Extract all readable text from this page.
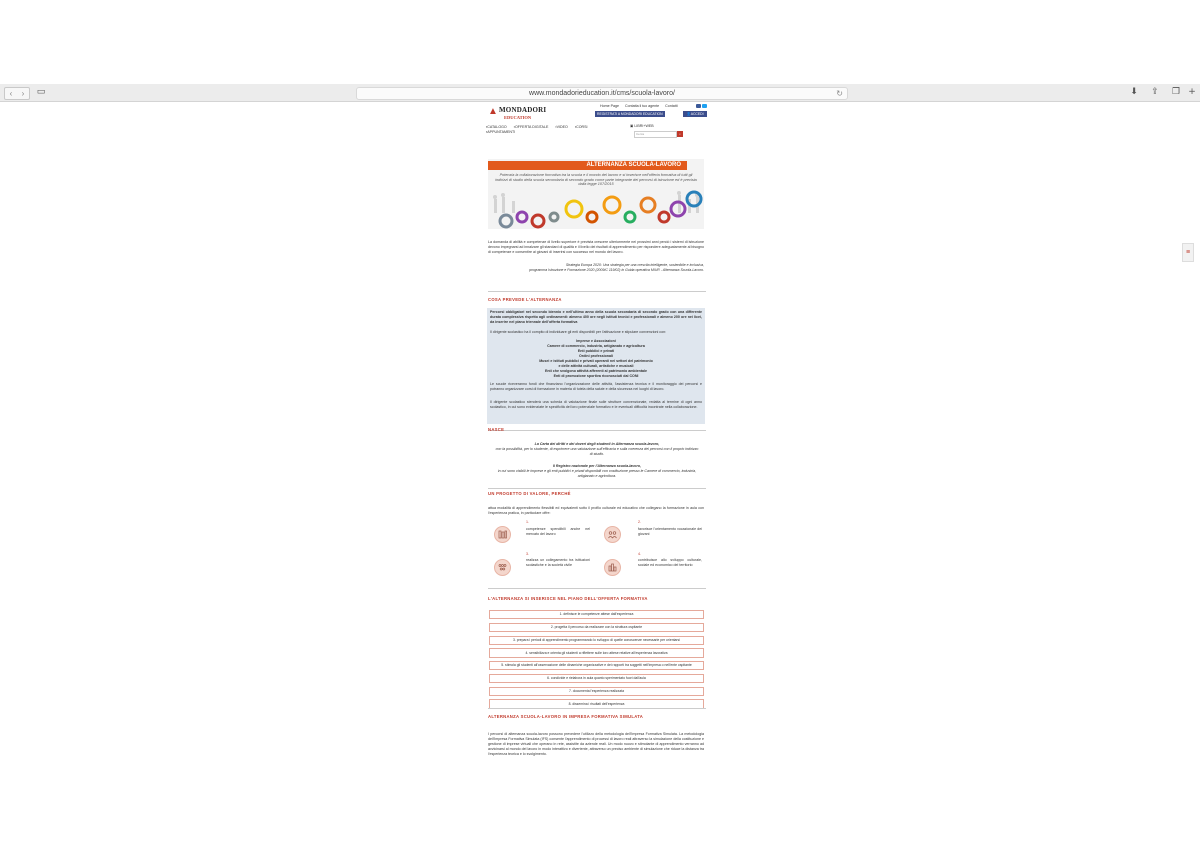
‹	›	▭	www.mondadorieducation.it/cms/scuola-lavoro/	↻	⬇ ⇪ ❐ +
≡
▲ MONDADORI
EDUCATION
Home Page Contatta il tuo agente Contatti
REGISTRATI A MONDADORI EDUCATION	👤ACCEDI
▪CATALOGO ▪OFFERTA DIGITALE ▪VIDEO ▪CORSI
▪APPUNTAMENTI
▣ LIBRI+WEB
Cerca	⌕
ALTERNANZA SCUOLA-LAVORO
Potenzia la collaborazione formativa tra la scuola e il mondo del lavoro e si inserisce nell'offerta formativa di tutti gli indirizzi di studio della scuola secondaria di secondo grado come parte integrante dei percorsi di istruzione ed è prevista dalla legge 107/2015
La domanda di abilità e competenze di livello superiore è prevista crescere ulteriormente nei prossimi anni perciò i sistemi di istruzione devono impegnarsi ad innalzare gli standard di qualità e il livello dei risultati di apprendimento per rispondere adeguatamente al bisogno di competenze e consentire ai giovani di inserirsi con successo nel mondo del lavoro.
Strategia Europa 2020: Una strategia per una crescita intelligente, sostenibile e inclusiva,
programma Istruzione e Formazione 2020 (2009/C 119/02) in Guida operativa MIUR - Alternanza Scuola-Lavoro.
COSA PREVEDE L'ALTERNANZA
Percorsi obbligatori nel secondo biennio e nell'ultimo anno della scuola secondaria di secondo grado con una differente durata complessiva rispetto agli ordinamenti: almeno 400 ore negli istituti tecnici e professionali e almeno 200 ore nei licei, da inserire nel piano triennale dell'offerta formativa
Il dirigente scolastico ha il compito di individuare gli enti disponibili per l'attivazione e stipulare convenzioni con:
Imprese e Associazioni
Camere di commercio, industria, artigianato e agricoltura
Enti pubblici e privati
Ordini professionali
Musei e istituti pubblici e privati operanti nei settori del patrimonio
e delle attività culturali, artistiche e musicali
Enti che svolgono attività afferenti al patrimonio ambientale
Enti di promozione sportiva riconosciuti dal CONI
Le scuole riceveranno fondi che finanziano l'organizzazione delle attività, l'assistenza tecnica e il monitoraggio dei percorsi e potranno organizzare corsi di formazione in materia di tutela della salute e della sicurezza nei luoghi di lavoro.
Il dirigente scolastico stenderà una scheda di valutazione finale sulle strutture convenzionate, redatta al termine di ogni anno scolastico, in cui sono evidenziate le specificità del loro potenziale formativo e le eventuali difficoltà incontrate nella collaborazione.
NASCE
La Carta dei diritti e dei doveri degli studenti in Alternanza scuola-lavoro,
con la possibilità, per lo studente, di esprimere una valutazione sull'efficacia e sulla coerenza dei percorsi con il proprio indirizzo di studio.
Il Registro nazionale per l'Alternanza scuola-lavoro,
in cui sono visibili le imprese e gli enti pubblici e privati disponibili con costituzione presso le Camere di commercio, industria, artigianato e agricoltura.
UN PROGETTO DI VALORE, PERCHÉ
attua modalità di apprendimento flessibili ed equivalenti sotto il profilo culturale ed educativo che collegano la formazione in aula con l'esperienza pratica, in particolare offre:
1.
competenze spendibili anche nel mercato del lavoro
2.
favorisce l'orientamento vocazionale dei giovani
3.
realizza un collegamento tra istituzioni scolastiche e la società civile
4.
contribuisce allo sviluppo culturale, sociale ed economico del territorio
L'ALTERNANZA SI INSERISCE NEL PIANO DELL'OFFERTA FORMATIVA
1. definisce le competenze attese dall'esperienza
2. progetta il percorso da realizzare con la struttura ospitante
3. prepara i periodi di apprendimento programmando lo sviluppo di quelle conoscenze necessarie per orientarsi
4. sensibilizza e orienta gli studenti a riflettere sulle loro attese relative all'esperienza lavorativa
5. stimola gli studenti all'osservazione delle dinamiche organizzative e dei rapporti tra soggetti nell'impresa o nell'ente ospitante
6. condivide e rielabora in aula quanto sperimentato fuori dall'aula
7. documenta l'esperienza realizzata
8. dissemina i risultati dell'esperienza
ALTERNANZA SCUOLA-LAVORO IN IMPRESA FORMATIVA SIMULATA
I percorsi di alternanza scuola-lavoro possono prevedere l'utilizzo della metodologia dell'Impresa Formativa Simulata. La metodologia dell'Impresa Formativa Simulata (IFS) consente l'apprendimento di processi di lavoro reali attraverso la simulazione della costituzione e gestione di imprese virtuali che operano in rete, assistite da aziende reali. Un modo nuovo e stimolante di apprendimento verranno ad avvicinarsi al mondo del lavoro in modo interattivo e divertente, attraverso un preciso ambiente di simulazione che riduce la distanza tra l'esperienza teorica e lo svolgimento.
